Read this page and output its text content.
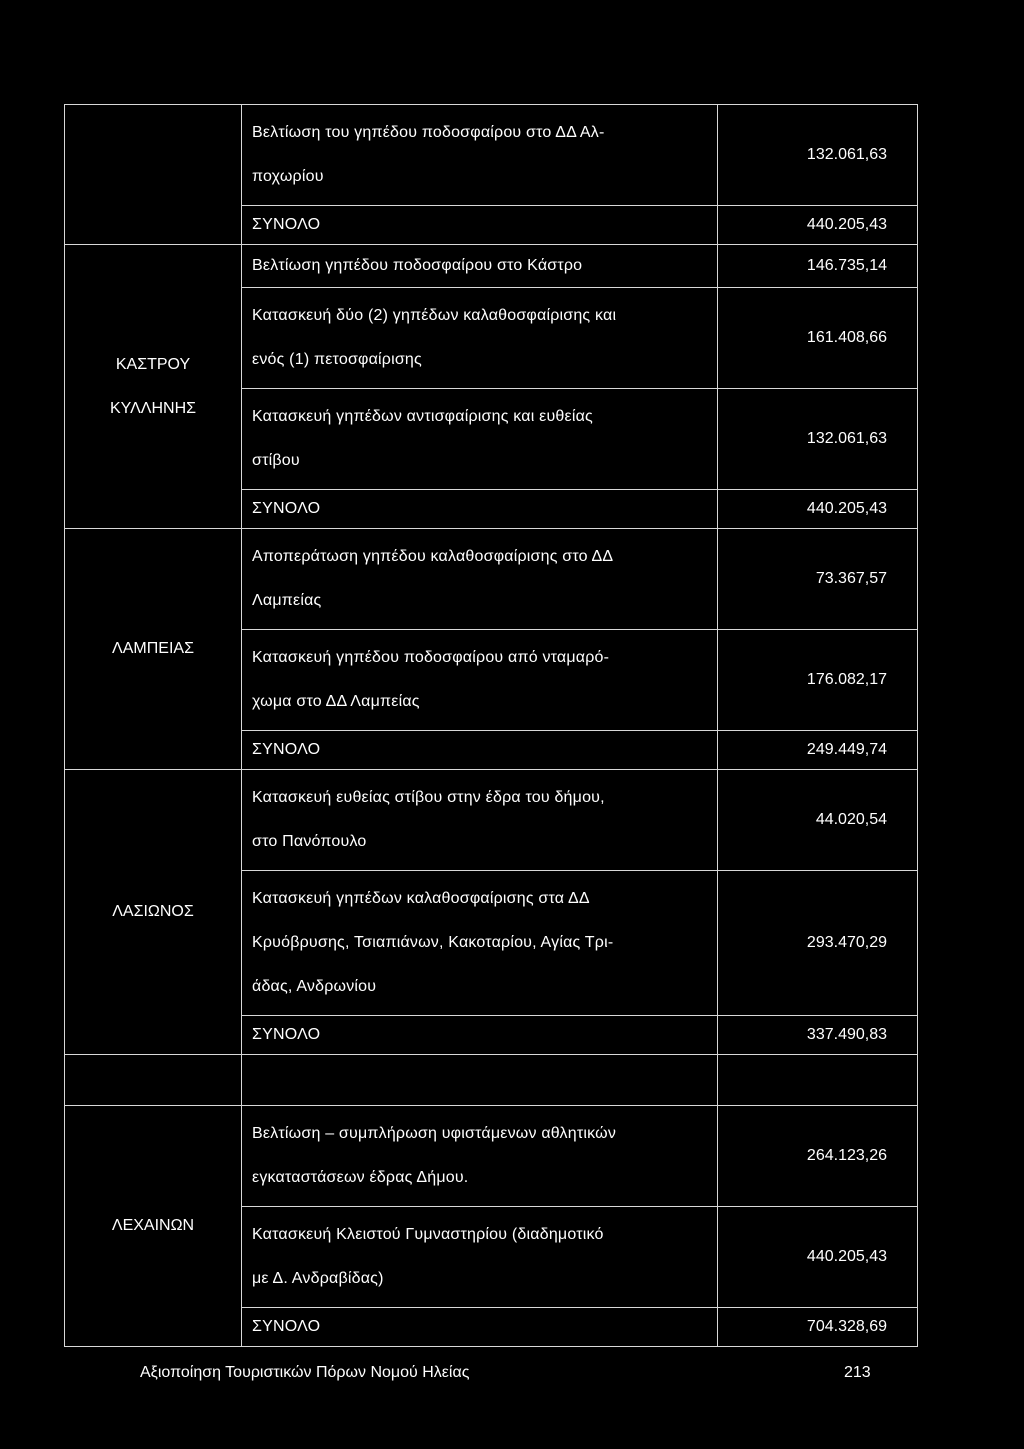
	Βελτίωση του γηπέδου ποδοσφαίρου στο ΔΔ Αλ-
ποχωρίου	132.061,63
	ΣΥΝΟΛΟ	440.205,43

ΚΑΣΤΡΟΥ
ΚΥΛΛΗΝΗΣ	Βελτίωση γηπέδου ποδοσφαίρου στο Κάστρο	146.735,14

	Κατασκευή δύο (2) γηπέδων καλαθοσφαίρισης και
ενός (1) πετοσφαίρισης	161.408,66

	Κατασκευή γηπέδων αντισφαίρισης και ευθείας
στίβου	132.061,63
	ΣΥΝΟΛΟ	440.205,43
ΛΑΜΠΕΙΑΣ	Αποπεράτωση γηπέδου καλαθοσφαίρισης στο ΔΔ
Λαμπείας	73.367,57

	Κατασκευή γηπέδου ποδοσφαίρου από νταμαρό-
χωμα στο ΔΔ Λαμπείας	176.082,17
	ΣΥΝΟΛΟ	249.449,74
ΛΑΣΙΩΝΟΣ	Κατασκευή ευθείας στίβου στην έδρα του δήμου,
στο Πανόπουλο	44.020,54

	Κατασκευή γηπέδων καλαθοσφαίρισης στα ΔΔ
Κρυόβρυσης, Τσιαπιάνων, Κακοταρίου, Αγίας Τρι-
άδας, Ανδρωνίου	293.470,29
	ΣΥΝΟΛΟ	337.490,83

ΛΕΧΑΙΝΩΝ	Βελτίωση – συμπλήρωση υφιστάμενων αθλητικών
εγκαταστάσεων έδρας Δήμου.	264.123,26

	Κατασκευή Κλειστού Γυμναστηρίου (διαδημοτικό
με Δ. Ανδραβίδας)	440.205,43
	ΣΥΝΟΛΟ	704.328,69
Αξιοποίηση Τουριστικών Πόρων Νομού Ηλείας	213
